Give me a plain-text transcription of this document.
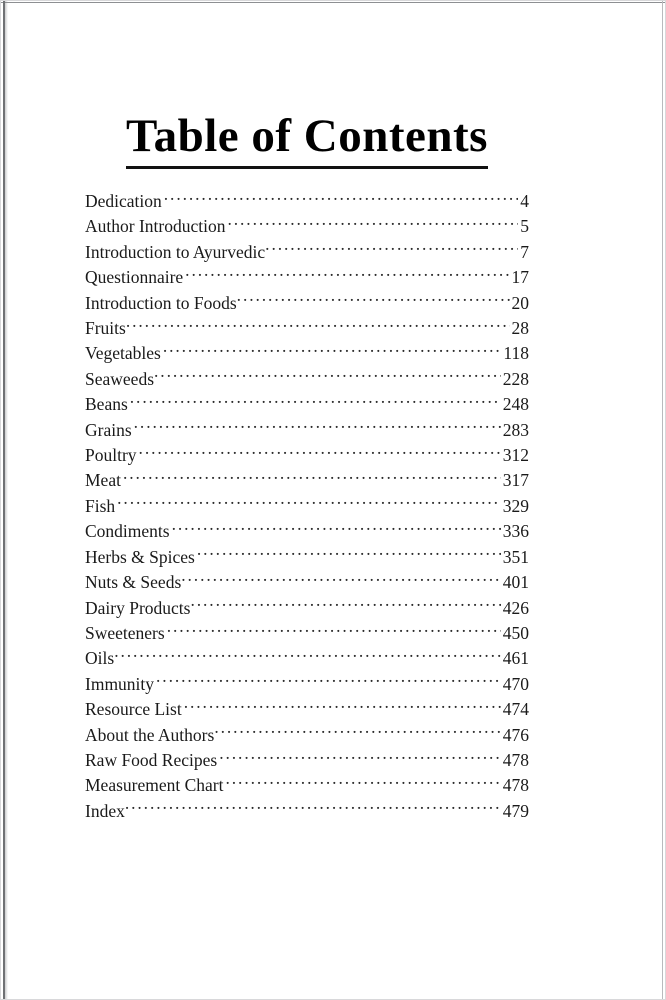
Table of Contents
Dedication .....	4
Author Introduction .....	5
Introduction to Ayurvedic .....	7
Questionnaire .....	17
Introduction to Foods .....	20
Fruits .....	28
Vegetables .....	118
Seaweeds .....	228
Beans .....	248
Grains .....	283
Poultry .....	312
Meat .....	317
Fish .....	329
Condiments .....	336
Herbs & Spices .....	351
Nuts & Seeds .....	401
Dairy Products .....	426
Sweeteners .....	450
Oils .....	461
Immunity .....	470
Resource List .....	474
About the Authors .....	476
Raw Food Recipes .....	478
Measurement Chart .....	478
Index .....	479
